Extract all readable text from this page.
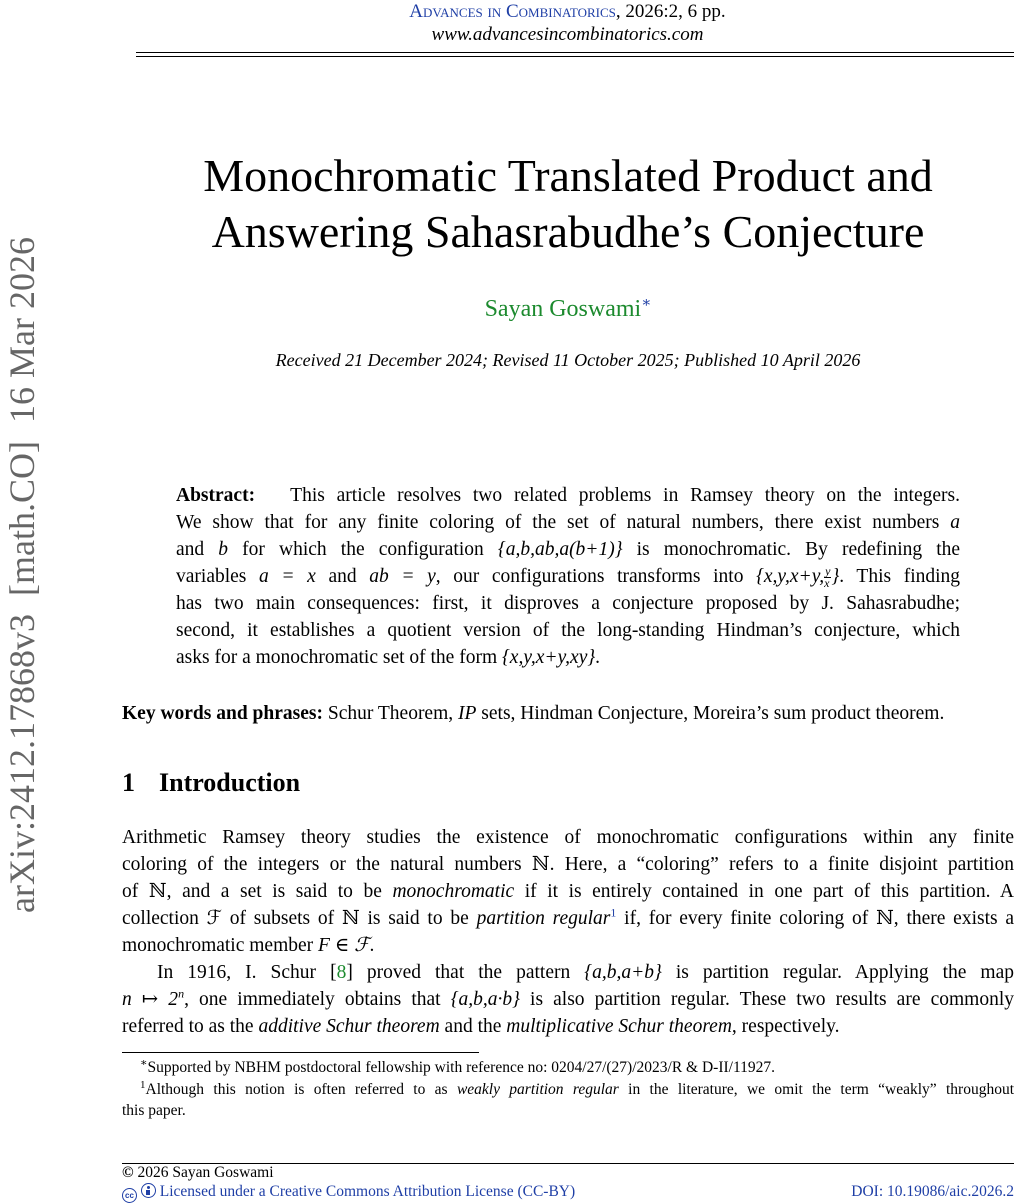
Advances in Combinatorics, 2026:2, 6 pp.
www.advancesincombinatorics.com
arXiv:2412.17868v3  [math.CO]  16 Mar 2026
Monochromatic Translated Product and
Answering Sahasrabudhe’s Conjecture
Sayan Goswami∗
Received 21 December 2024; Revised 11 October 2025; Published 10 April 2026
Abstract: This article resolves two related problems in Ramsey theory on the integers.
We show that for any finite coloring of the set of natural numbers, there exist numbers a
and b for which the configuration {a,b,ab,a(b+1)} is monochromatic. By redefining the
variables a = x and ab = y, our configurations transforms into {x,y,x+y, $\frac{y}{x}$ }. This finding
has two main consequences: first, it disproves a conjecture proposed by J. Sahasrabudhe;
second, it establishes a quotient version of the long-standing Hindman’s conjecture, which
asks for a monochromatic set of the form {x,y,x+y,xy}.
Key words and phrases: Schur Theorem, IP sets, Hindman Conjecture, Moreira’s sum product theorem.
1 Introduction
Arithmetic Ramsey theory studies the existence of monochromatic configurations within any finite
coloring of the integers or the natural numbers ℕ. Here, a “coloring” refers to a finite disjoint partition
of ℕ, and a set is said to be monochromatic if it is entirely contained in one part of this partition. A
collection ℱ of subsets of ℕ is said to be partition regular$^1$ if, for every finite coloring of ℕ, there exists a
monochromatic member F ∈ ℱ.
In 1916, I. Schur [8] proved that the pattern {a,b,a+b} is partition regular. Applying the map
n ↦ 2$^n$, one immediately obtains that {a,b,a·b} is also partition regular. These two results are commonly
referred to as the additive Schur theorem and the multiplicative Schur theorem, respectively.
∗Supported by NBHM postdoctoral fellowship with reference no: 0204/27/(27)/2023/R & D-II/11927.
$^1$Although this notion is often referred to as weakly partition regular in the literature, we omit the term “weakly” throughout
this paper.
© 2026 Sayan Goswami
cc Licensed under a Creative Commons Attribution License (CC-BY)	DOI: 10.19086/aic.2026.2
